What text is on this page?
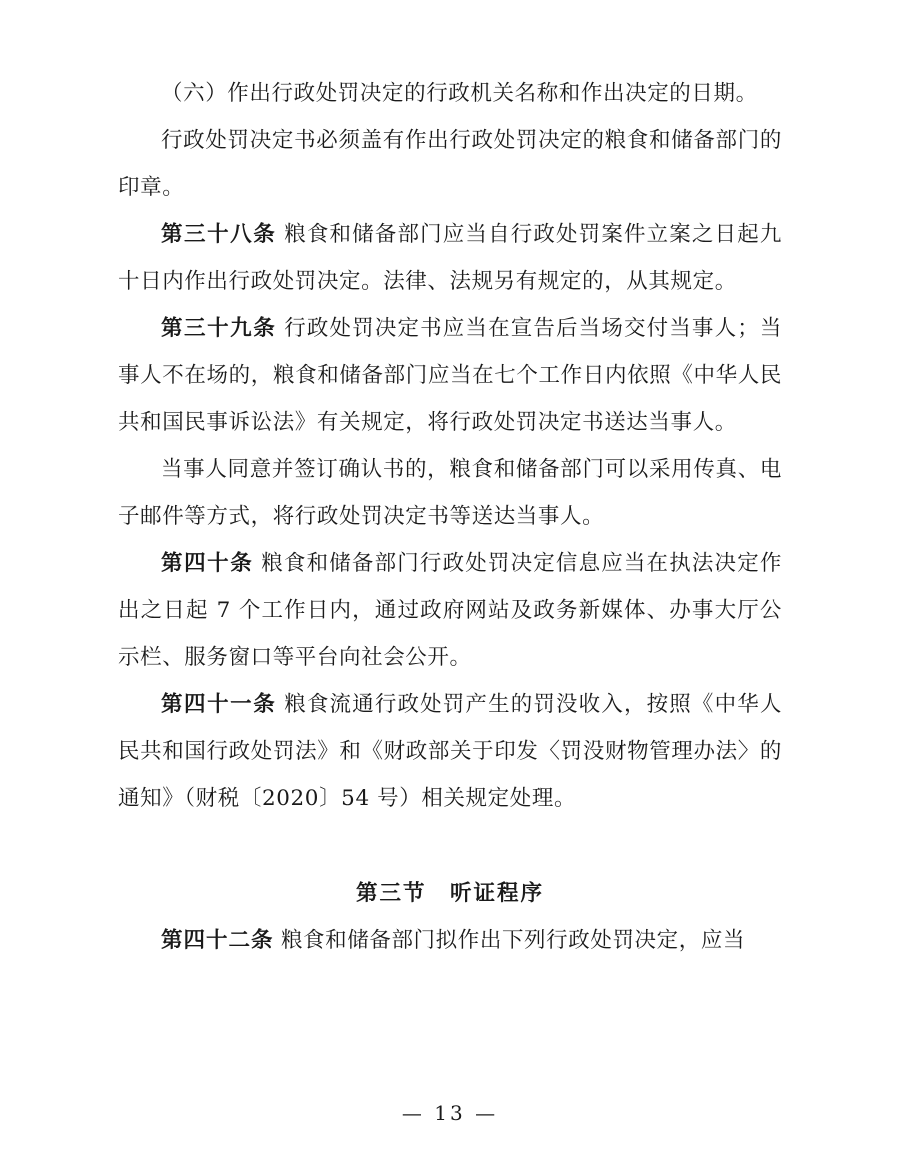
（六）作出行政处罚决定的行政机关名称和作出决定的日期。

行政处罚决定书必须盖有作出行政处罚决定的粮食和储备部门的印章。

第三十八条 粮食和储备部门应当自行政处罚案件立案之日起九十日内作出行政处罚决定。法律、法规另有规定的，从其规定。

第三十九条 行政处罚决定书应当在宣告后当场交付当事人；当事人不在场的，粮食和储备部门应当在七个工作日内依照《中华人民共和国民事诉讼法》有关规定，将行政处罚决定书送达当事人。

当事人同意并签订确认书的，粮食和储备部门可以采用传真、电子邮件等方式，将行政处罚决定书等送达当事人。

第四十条 粮食和储备部门行政处罚决定信息应当在执法决定作出之日起 7 个工作日内，通过政府网站及政务新媒体、办事大厅公示栏、服务窗口等平台向社会公开。

第四十一条 粮食流通行政处罚产生的罚没收入，按照《中华人民共和国行政处罚法》和《财政部关于印发〈罚没财物管理办法〉的通知》（财税〔2020〕54 号）相关规定处理。

第三节　听证程序

第四十二条 粮食和储备部门拟作出下列行政处罚决定，应当

— 13 —
